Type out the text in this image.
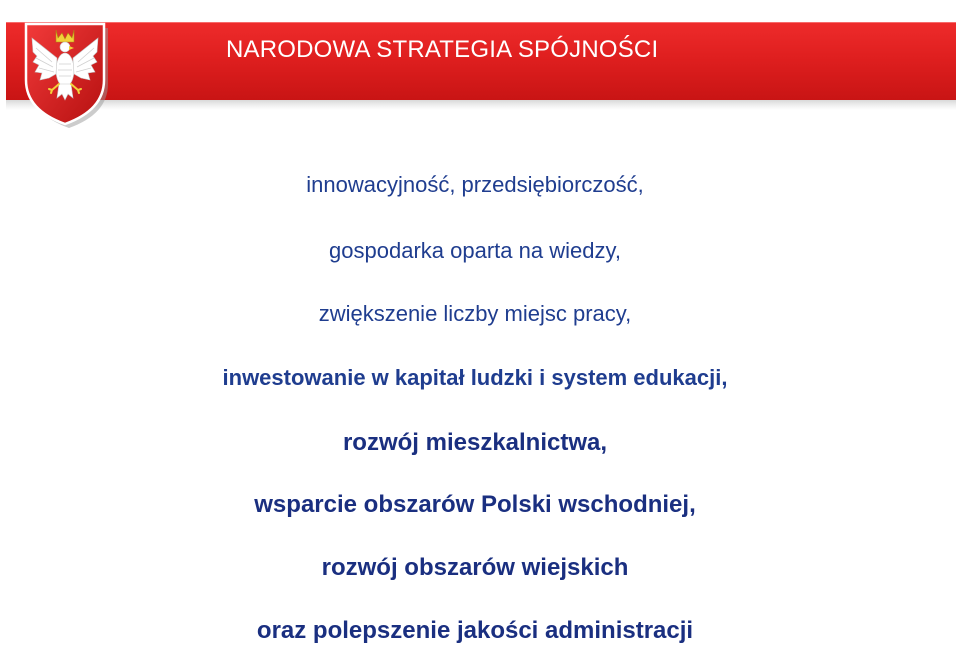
NARODOWA STRATEGIA SPÓJNOŚCI
innowacyjność, przedsiębiorczość,
gospodarka oparta na wiedzy,
zwiększenie liczby miejsc pracy,
inwestowanie w kapitał ludzki i system edukacji,
rozwój mieszkalnictwa,
wsparcie obszarów Polski wschodniej,
rozwój obszarów wiejskich
oraz polepszenie jakości administracji
